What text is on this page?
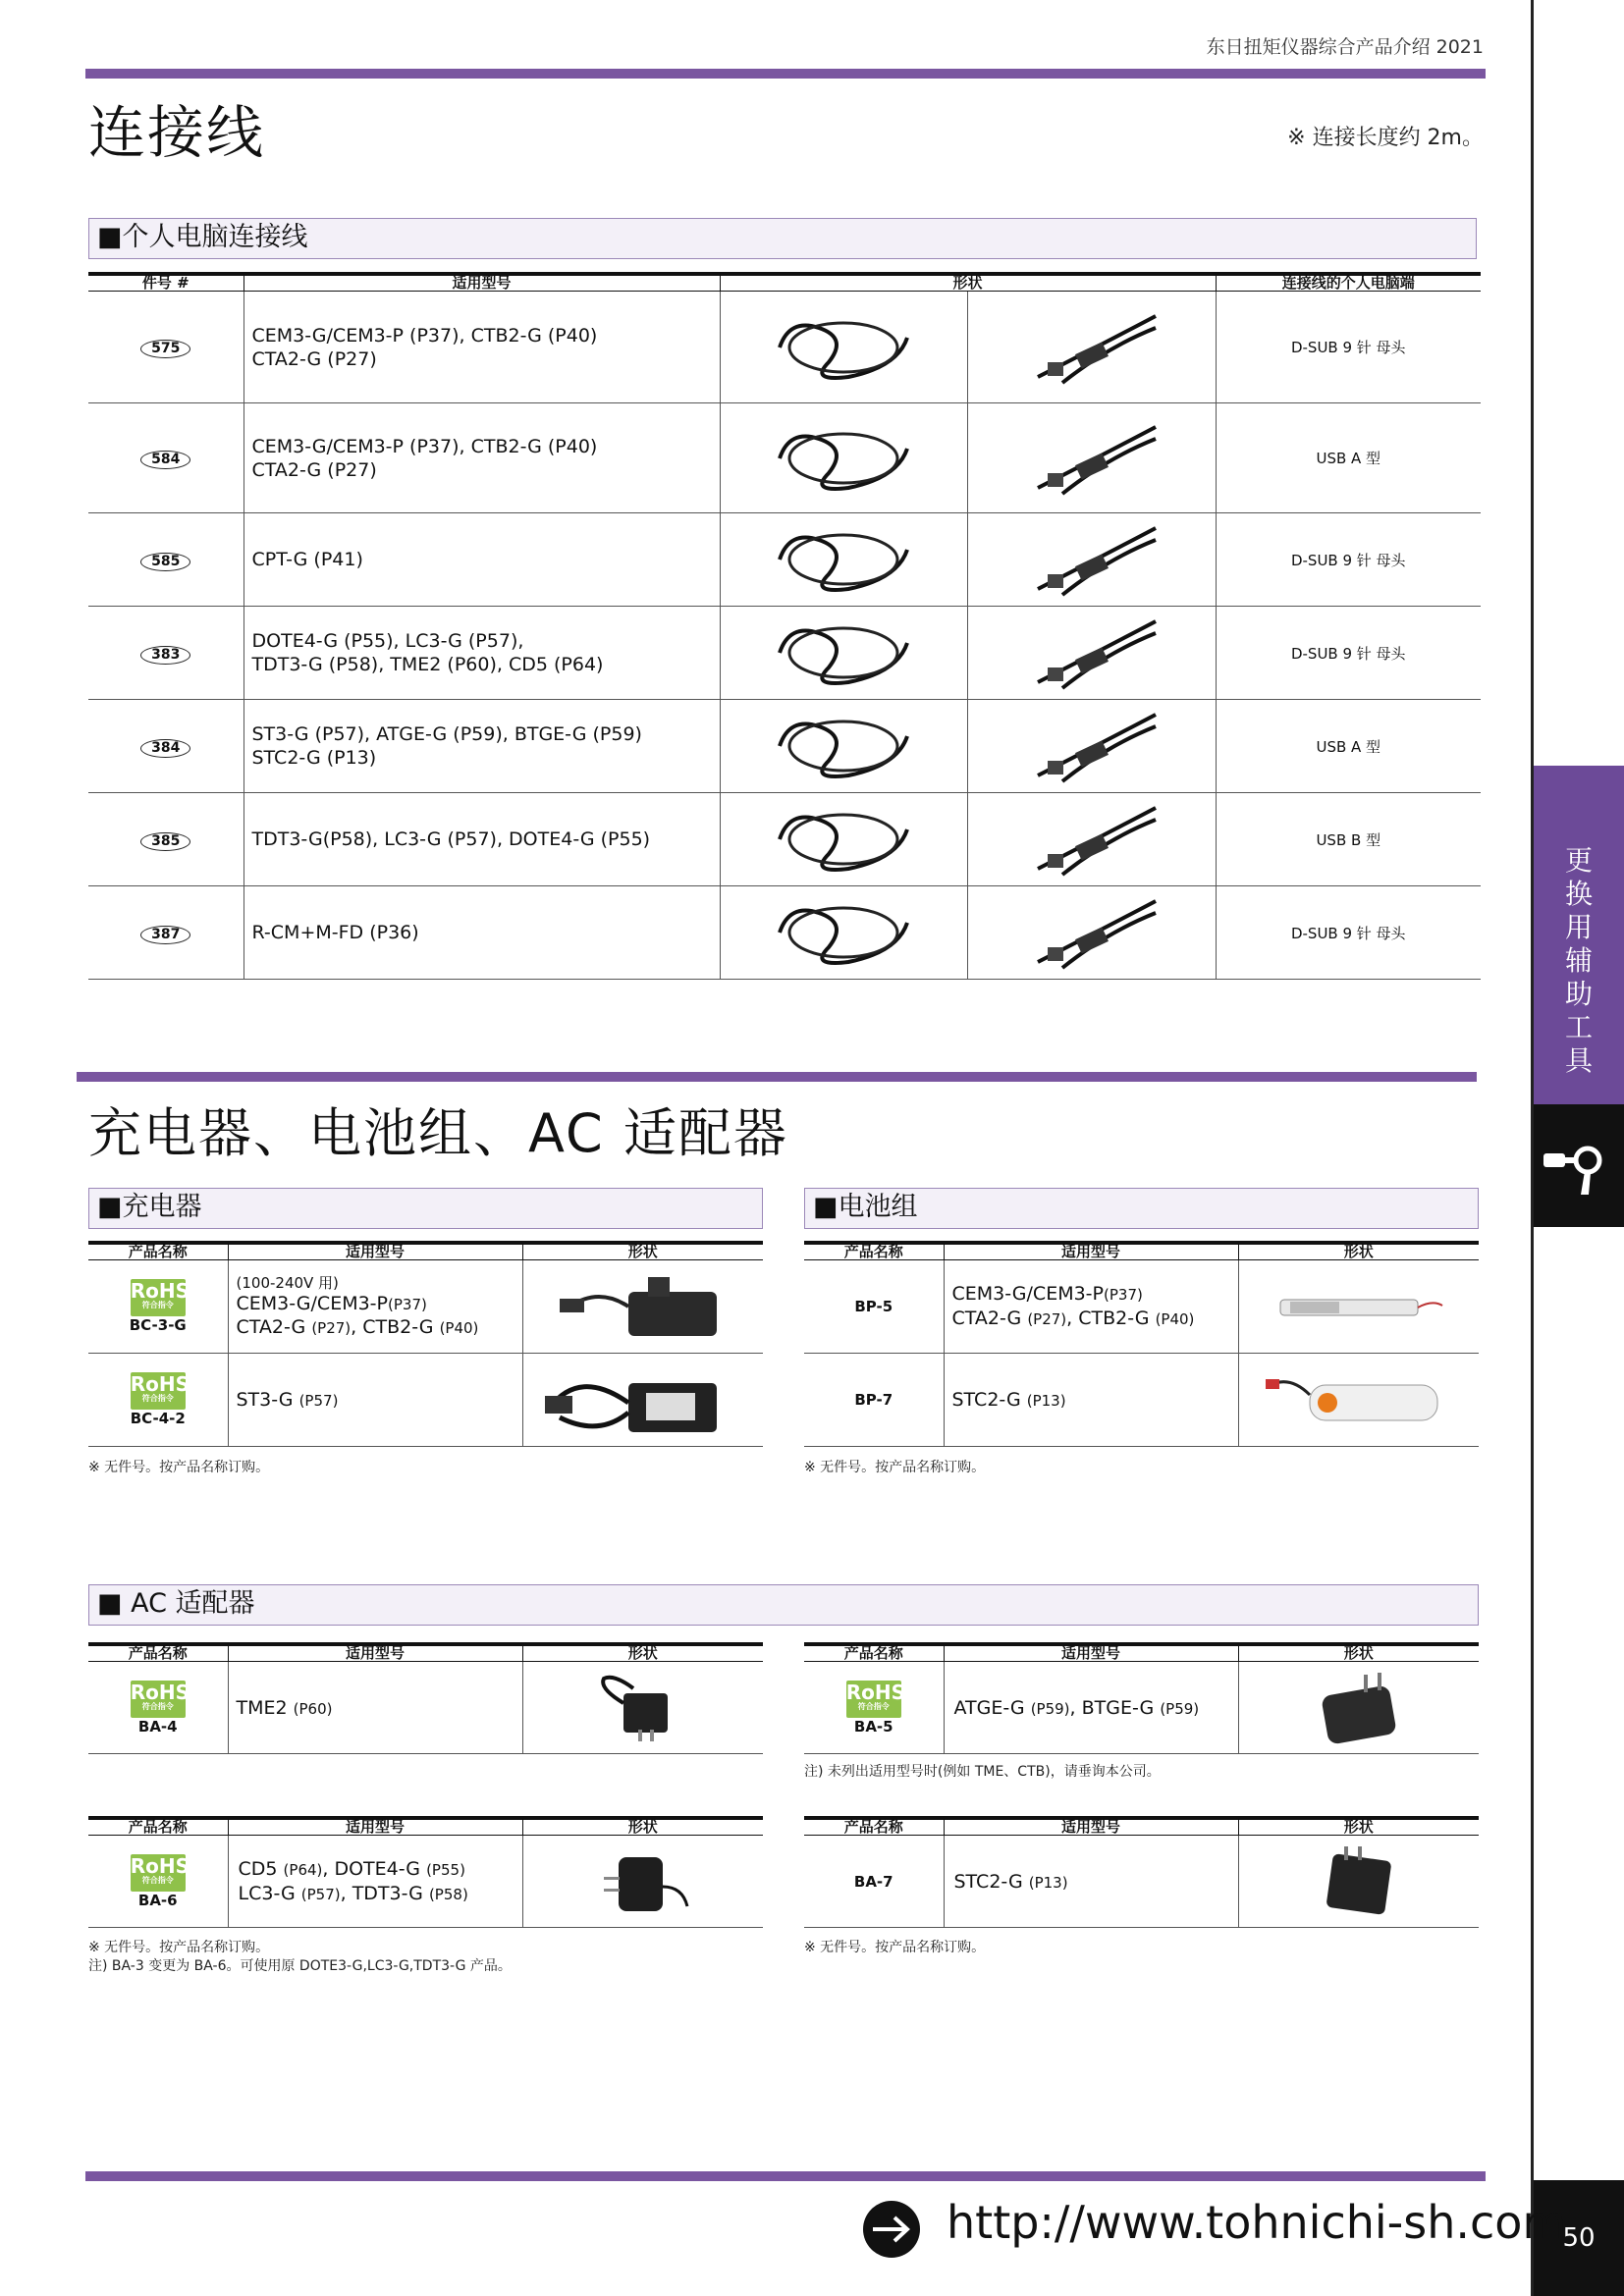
东日扭矩仪器综合产品介绍 2021
连接线	※ 连接长度约 2m。
■个人电脑连接线
件号 #	适用型号	形状		连接线的个人电脑端
575	CEM3-G/CEM3-P (P37), CTB2-G (P40)
CTA2-G (P27)			D-SUB 9 针 母头
584	CEM3-G/CEM3-P (P37), CTB2-G (P40)
CTA2-G (P27)			USB A 型
585	CPT-G (P41)			D-SUB 9 针 母头
383	DOTE4-G (P55), LC3-G (P57),
TDT3-G (P58), TME2 (P60), CD5 (P64)			D-SUB 9 针 母头
384	ST3-G (P57), ATGE-G (P59), BTGE-G (P59)
STC2-G (P13)			USB A 型
385	TDT3-G(P58), LC3-G (P57), DOTE4-G (P55)			USB B 型
387	R-CM+M-FD (P36)			D-SUB 9 针 母头
充电器、电池组、AC 适配器
■充电器
产品名称	适用型号	形状

RoHS
符合指令
BC-3-G	(100-240V 用)
CEM3-G/CEM3-P(P37)
CTA2-G (P27), CTB2-G (P40)

RoHS
符合指令
BC-4-2	ST3-G (P57)	
※ 无件号。按产品名称订购。
■电池组
产品名称	适用型号	形状

BP-5	CEM3-G/CEM3-P(P37)
CTA2-G (P27), CTB2-G (P40)

BP-7	STC2-G (P13)	
※ 无件号。按产品名称订购。
■ AC 适配器
产品名称	适用型号	形状

RoHS
符合指令
BA-4	TME2 (P60)	
产品名称	适用型号	形状

RoHS
符合指令
BA-5	ATGE-G (P59), BTGE-G (P59)	
注) 未列出适用型号时(例如 TME、CTB)，请垂询本公司。
产品名称	适用型号	形状

RoHS
符合指令
BA-6	CD5 (P64), DOTE4-G (P55)
LC3-G (P57), TDT3-G (P58)

※ 无件号。按产品名称订购。
注) BA-3 变更为 BA-6。可使用原 DOTE3-G,LC3-G,TDT3-G 产品。
产品名称	适用型号	形状

BA-7	STC2-G (P13)	
※ 无件号。按产品名称订购。
更
换
用
辅
助
工
具
50
http://www.tohnichi-sh.com
